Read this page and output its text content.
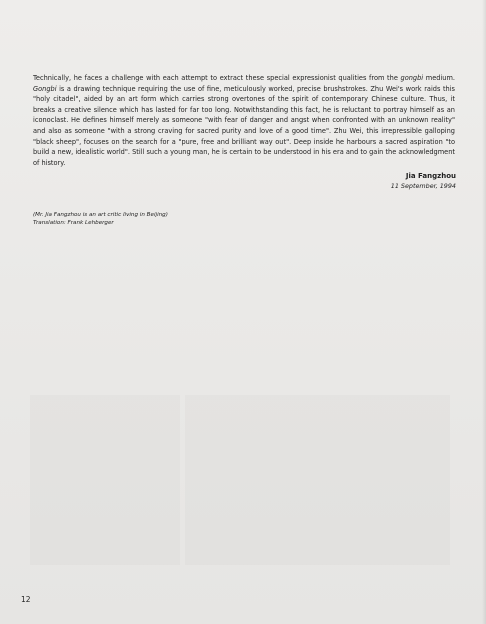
Technically, he faces a challenge with each attempt to extract these special expressionist qualities from the gongbi medium. Gongbi is a drawing technique requiring the use of fine, meticulously worked, precise brushstrokes. Zhu Wei's work raids this "holy citadel", aided by an art form which carries strong overtones of the spirit of contemporary Chinese culture. Thus, it breaks a creative silence which has lasted for far too long. Notwithstanding this fact, he is reluctant to portray himself as an iconoclast. He defines himself merely as someone "with fear of danger and angst when confronted with an unknown reality" and also as someone "with a strong craving for sacred purity and love of a good time". Zhu Wei, this irrepressible galloping "black sheep", focuses on the search for a "pure, free and brilliant way out". Deep inside he harbours a sacred aspiration "to build a new, idealistic world". Still such a young man, he is certain to be understood in his era and to gain the acknowledgment of history.

Jia Fangzhou
11 September, 1994
(Mr. Jia Fangzhou is an art critic living in Beijing)
Translation: Frank Lehberger
12
